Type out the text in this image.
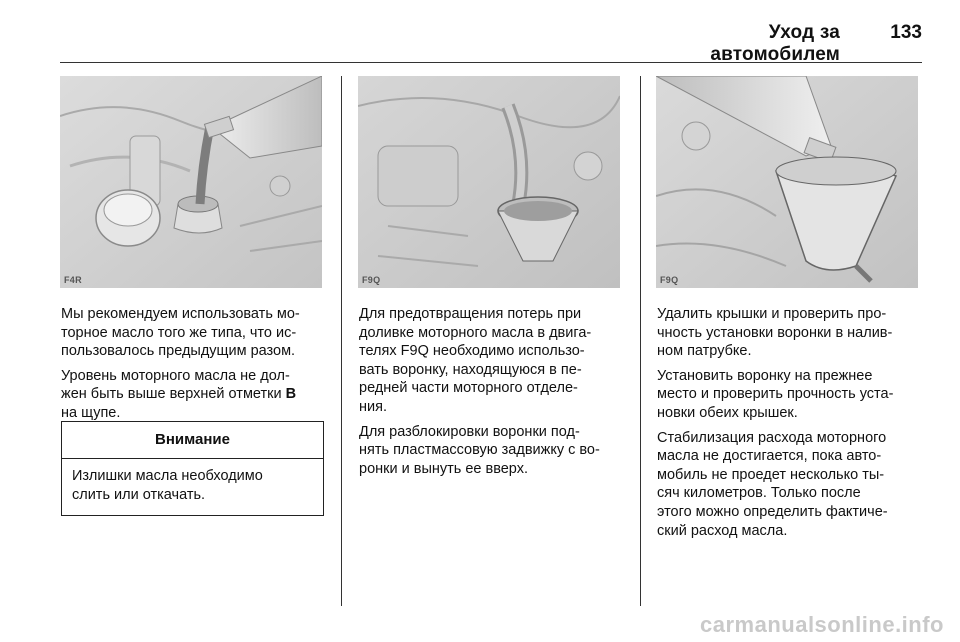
Уход за автомобилем
133
F4R	F9Q	F9Q

Мы рекомендуем использовать мо-
торное масло того же типа, что ис-
пользовалось предыдущим разом.

Уровень моторного масла не дол-
жен быть выше верхней отметки B
на щупе.

Внимание
Излишки масла необходимо
слить или откачать.

Для предотвращения потерь при
доливке моторного масла в двига-
телях F9Q необходимо использо-
вать воронку, находящуюся в пе-
редней части моторного отделе-
ния.

Для разблокировки воронки под-
нять пластмассовую задвижку с во-
ронки и вынуть ее вверх.

Удалить крышки и проверить про-
чность установки воронки в налив-
ном патрубке.

Установить воронку на прежнее
место и проверить прочность уста-
новки обеих крышек.

Стабилизация расхода моторного
масла не достигается, пока авто-
мобиль не проедет несколько ты-
сяч километров. Только после
этого можно определить фактиче-
ский расход масла.

carmanualsonline.info
